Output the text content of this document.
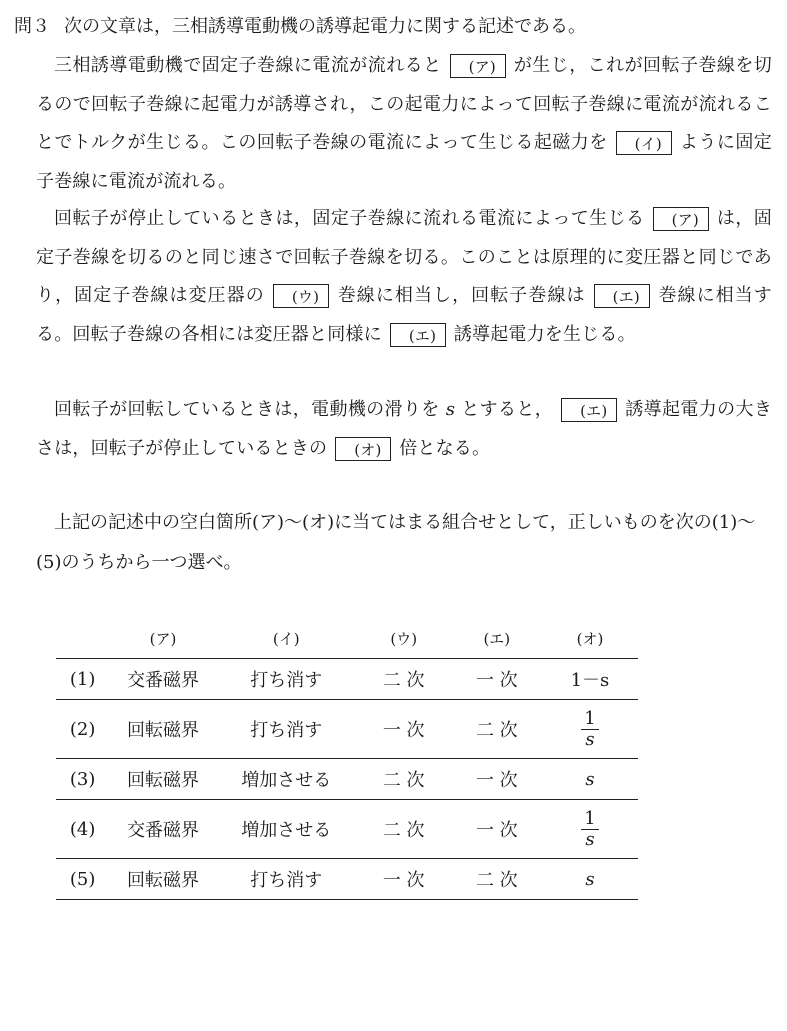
問３ 次の文章は，三相誘導電動機の誘導起電力に関する記述である。

三相誘導電動機で固定子巻線に電流が流れると (ア) が生じ，これが回転子巻線を切るので回転子巻線に起電力が誘導され，この起電力によって回転子巻線に電流が流れることでトルクが生じる。この回転子巻線の電流によって生じる起磁力を (イ) ように固定子巻線に電流が流れる。

回転子が停止しているときは，固定子巻線に流れる電流によって生じる (ア) は，固定子巻線を切るのと同じ速さで回転子巻線を切る。このことは原理的に変圧器と同じであり，固定子巻線は変圧器の (ウ) 巻線に相当し，回転子巻線は (エ) 巻線に相当する。回転子巻線の各相には変圧器と同様に (エ) 誘導起電力を生じる。

回転子が回転しているときは，電動機の滑りを s とすると， (エ) 誘導起電力の大きさは，回転子が停止しているときの (オ) 倍となる。

上記の記述中の空白箇所(ア)～(オ)に当てはまる組合せとして，正しいものを次の(1)～(5)のうちから一つ選べ。

	(ア)	(イ)	(ウ)	(エ)	(オ)
(1)	交番磁界	打ち消す	二 次	一 次	1－s
(2)	回転磁界	打ち消す	一 次	二 次	$\frac{1}{s}$

(3)	回転磁界	増加させる	二 次	一 次	s
(4)	交番磁界	増加させる	二 次	一 次	$\frac{1}{s}$

(5)	回転磁界	打ち消す	一 次	二 次	s
